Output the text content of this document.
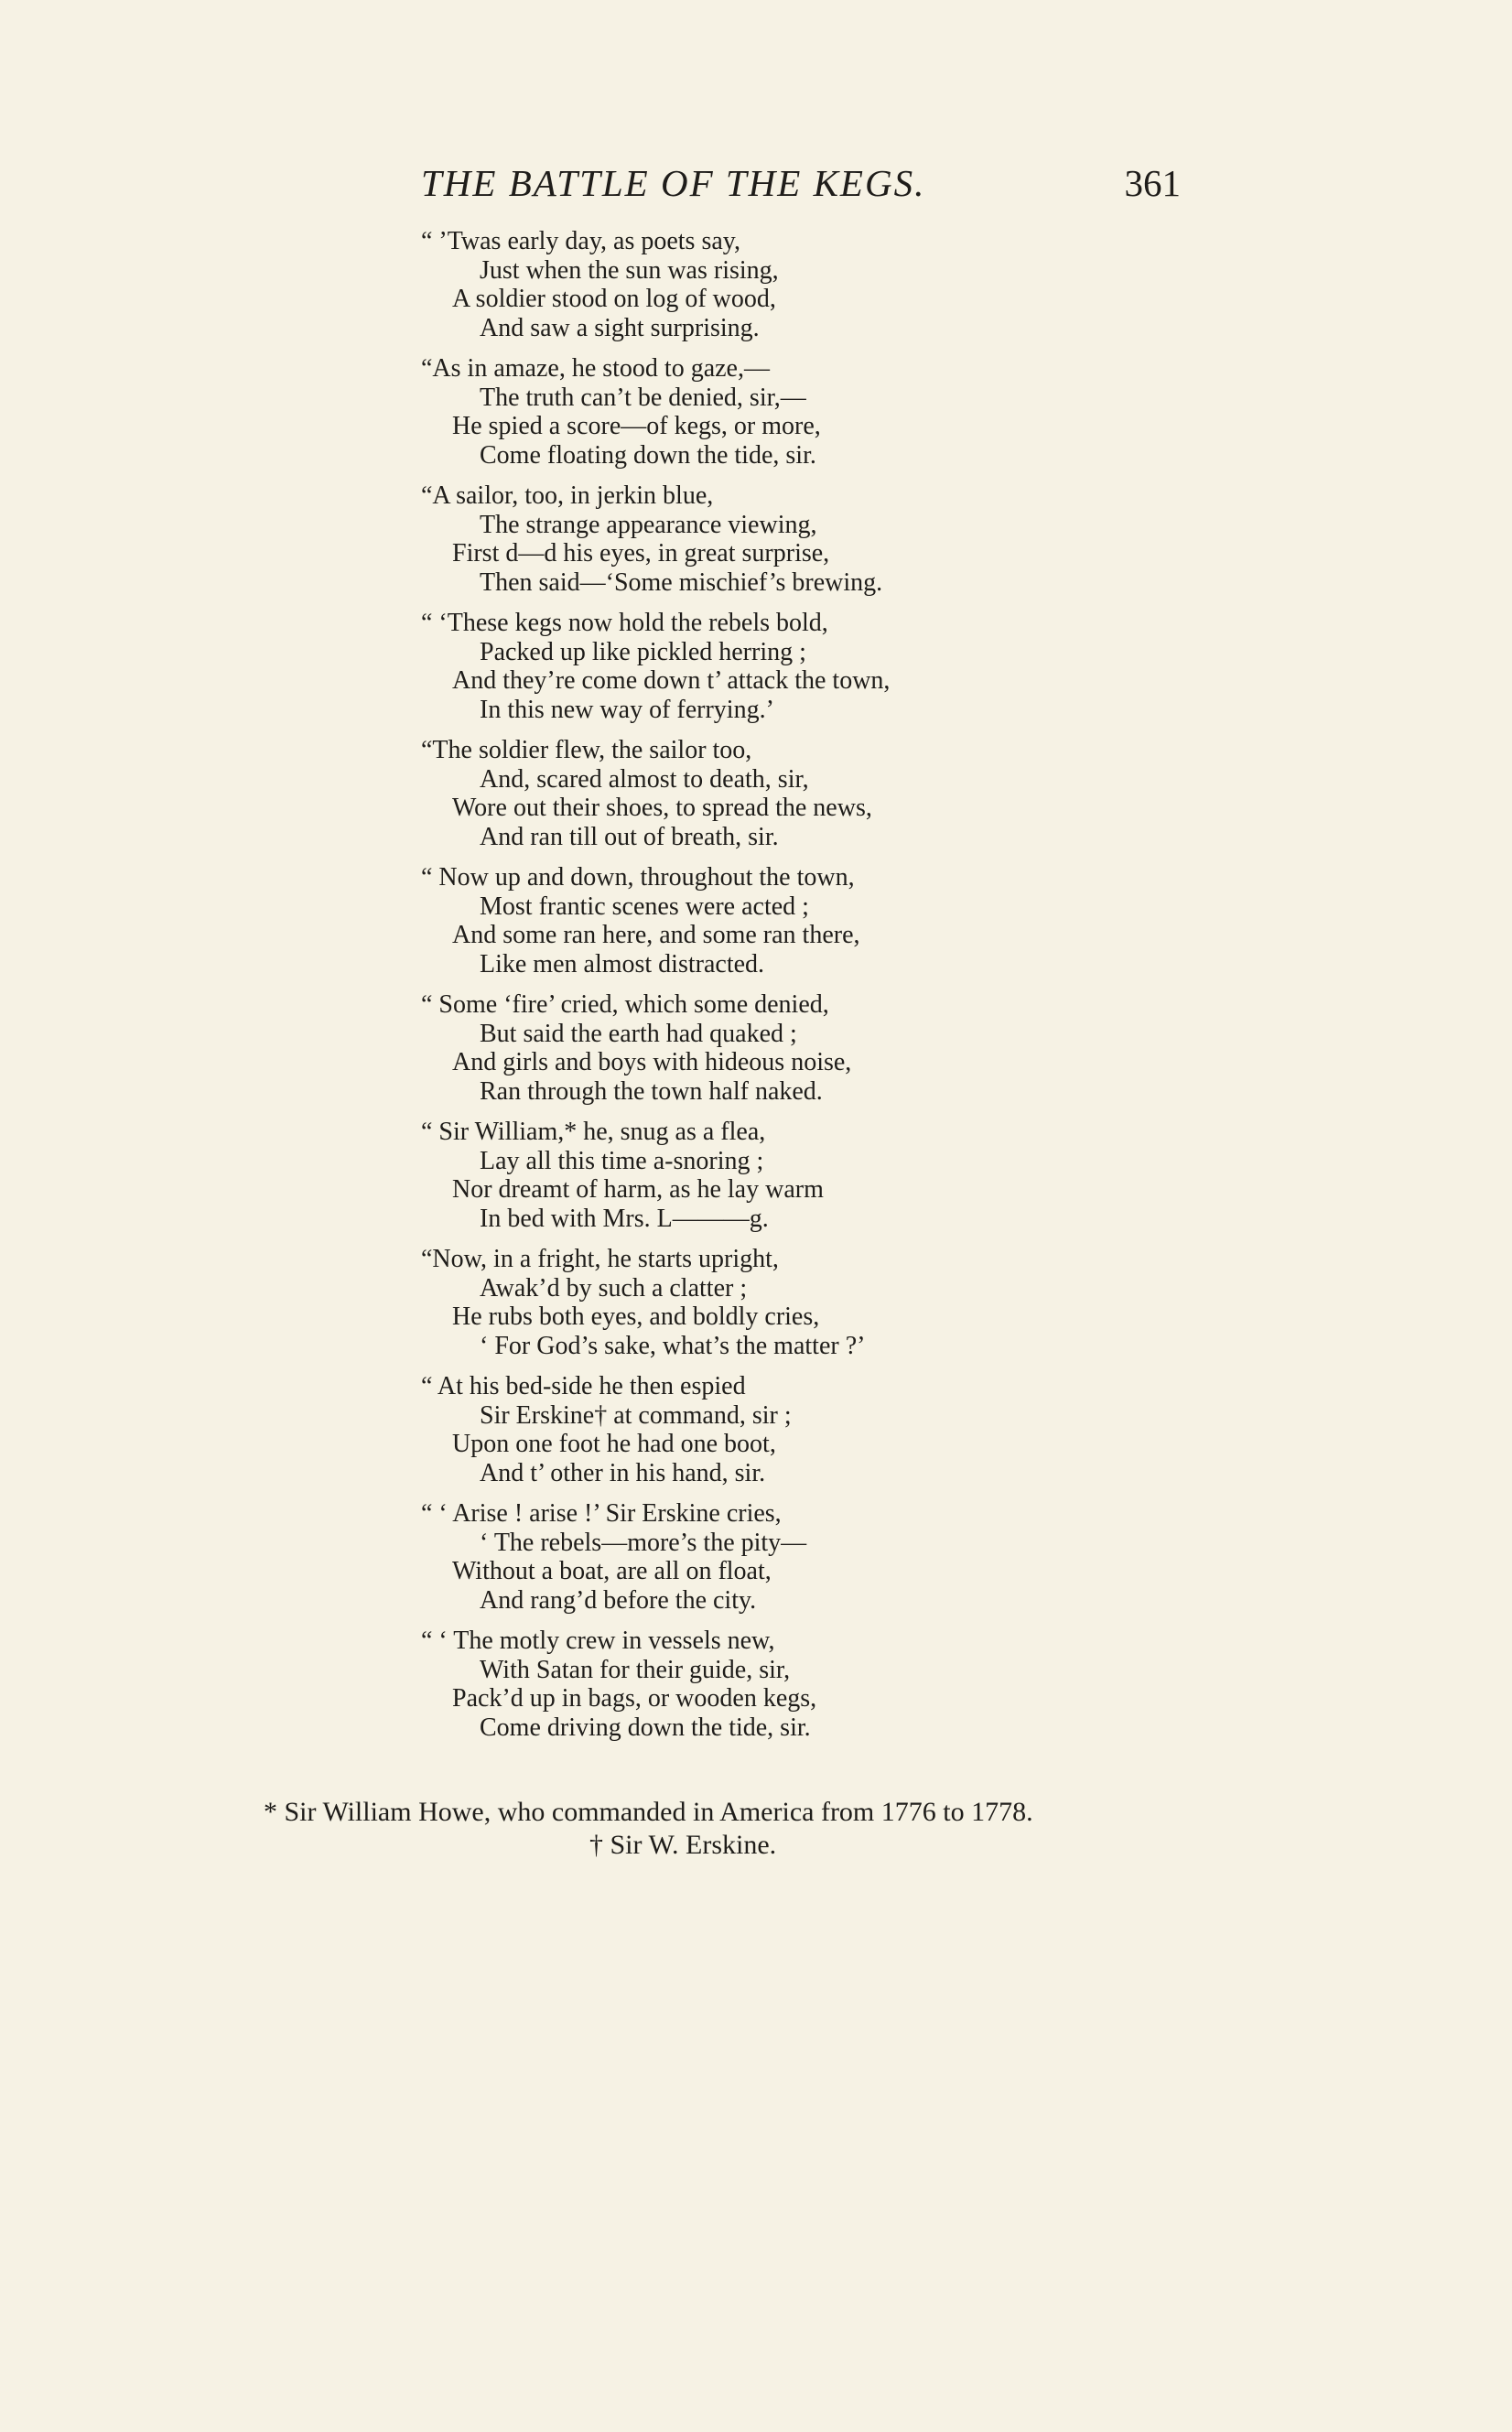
THE BATTLE OF THE KEGS.	361
“ ’Twas early day, as poets say,
Just when the sun was rising,
A soldier stood on log of wood,
And saw a sight surprising.
“As in amaze, he stood to gaze,—
The truth can’t be denied, sir,—
He spied a score—of kegs, or more,
Come floating down the tide, sir.
“A sailor, too, in jerkin blue,
The strange appearance viewing,
First d—d his eyes, in great surprise,
Then said—‘Some mischief’s brewing.
“ ‘These kegs now hold the rebels bold,
Packed up like pickled herring ;
And they’re come down t’ attack the town,
In this new way of ferrying.’
“The soldier flew, the sailor too,
And, scared almost to death, sir,
Wore out their shoes, to spread the news,
And ran till out of breath, sir.
“ Now up and down, throughout the town,
Most frantic scenes were acted ;
And some ran here, and some ran there,
Like men almost distracted.
“ Some ‘fire’ cried, which some denied,
But said the earth had quaked ;
And girls and boys with hideous noise,
Ran through the town half naked.
“ Sir William,* he, snug as a flea,
Lay all this time a-snoring ;
Nor dreamt of harm, as he lay warm
In bed with Mrs. L———g.
“Now, in a fright, he starts upright,
Awak’d by such a clatter ;
He rubs both eyes, and boldly cries,
‘ For God’s sake, what’s the matter ?’
“ At his bed-side he then espied
Sir Erskine† at command, sir ;
Upon one foot he had one boot,
And t’ other in his hand, sir.
“ ‘ Arise ! arise !’ Sir Erskine cries,
‘ The rebels—more’s the pity—
Without a boat, are all on float,
And rang’d before the city.
“ ‘ The motly crew in vessels new,
With Satan for their guide, sir,
Pack’d up in bags, or wooden kegs,
Come driving down the tide, sir.
* Sir William Howe, who commanded in America from 1776 to 1778.
† Sir W. Erskine.
